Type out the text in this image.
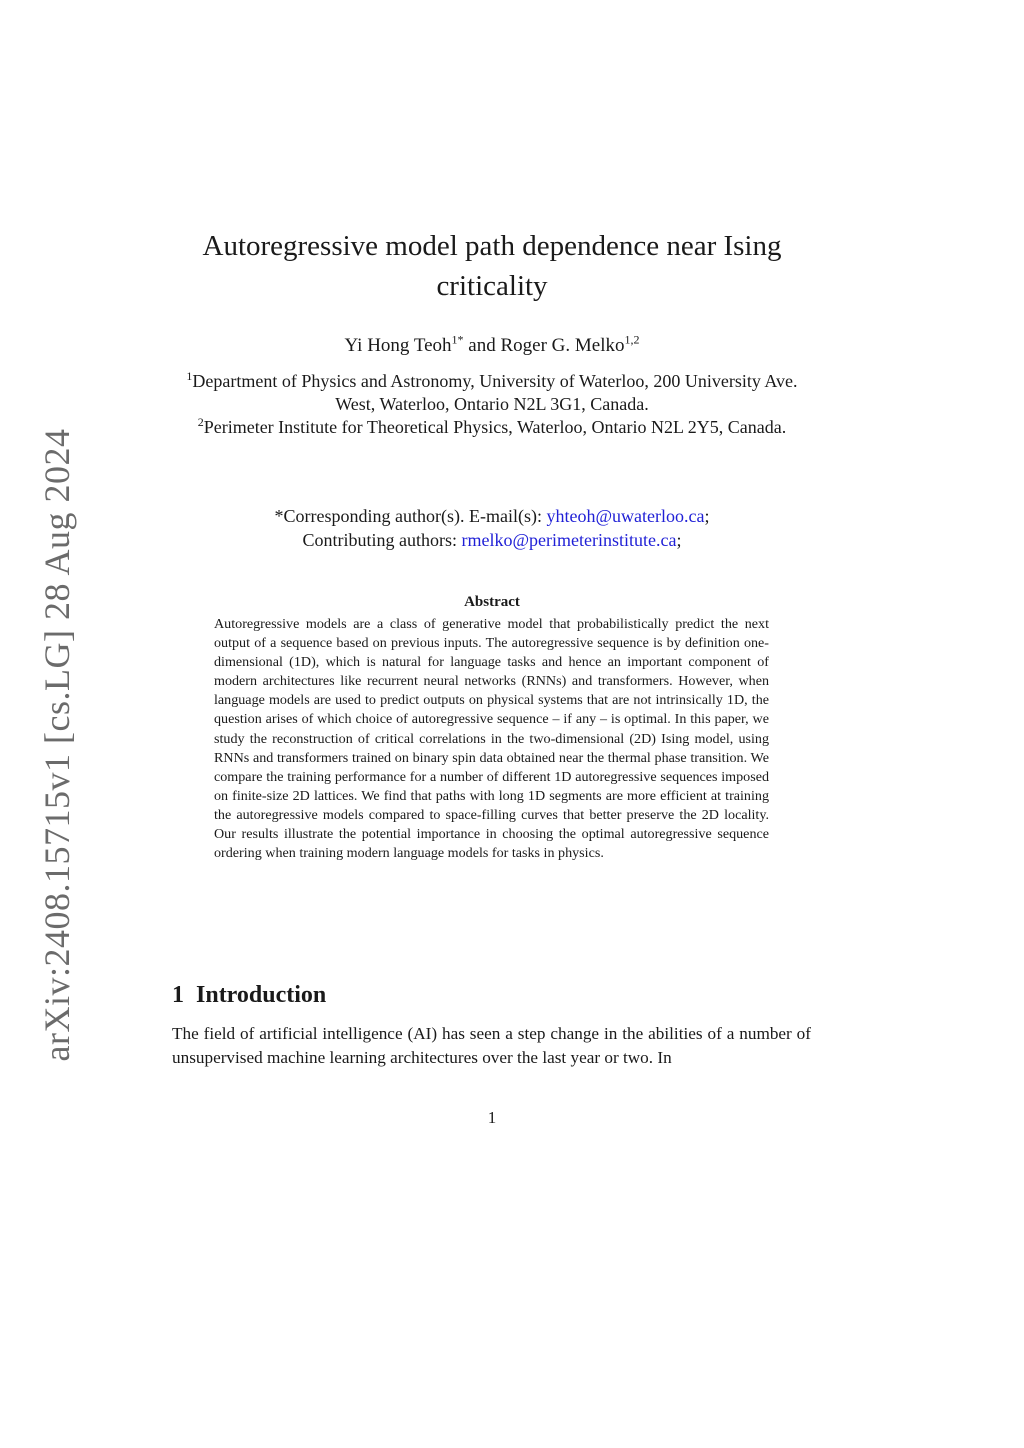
arXiv:2408.15715v1 [cs.LG] 28 Aug 2024
Autoregressive model path dependence near Ising criticality
Yi Hong Teoh$^{1*}$ and Roger G. Melko$^{1,2}$
$^1$Department of Physics and Astronomy, University of Waterloo, 200 University Ave. West, Waterloo, Ontario N2L 3G1, Canada.
$^2$Perimeter Institute for Theoretical Physics, Waterloo, Ontario N2L 2Y5, Canada.
*Corresponding author(s). E-mail(s): yhteoh@uwaterloo.ca;
Contributing authors: rmelko@perimeterinstitute.ca;
Abstract

Autoregressive models are a class of generative model that probabilistically predict the next output of a sequence based on previous inputs. The autoregressive sequence is by definition one-dimensional (1D), which is natural for language tasks and hence an important component of modern architectures like recurrent neural networks (RNNs) and transformers. However, when language models are used to predict outputs on physical systems that are not intrinsically 1D, the question arises of which choice of autoregressive sequence – if any – is optimal. In this paper, we study the reconstruction of critical correlations in the two-dimensional (2D) Ising model, using RNNs and transformers trained on binary spin data obtained near the thermal phase transition. We compare the training performance for a number of different 1D autoregressive sequences imposed on finite-size 2D lattices. We find that paths with long 1D segments are more efficient at training the autoregressive models compared to space-filling curves that better preserve the 2D locality. Our results illustrate the potential importance in choosing the optimal autoregressive sequence ordering when training modern language models for tasks in physics.

1 Introduction

The field of artificial intelligence (AI) has seen a step change in the abilities of a number of unsupervised machine learning architectures over the last year or two. In

1
